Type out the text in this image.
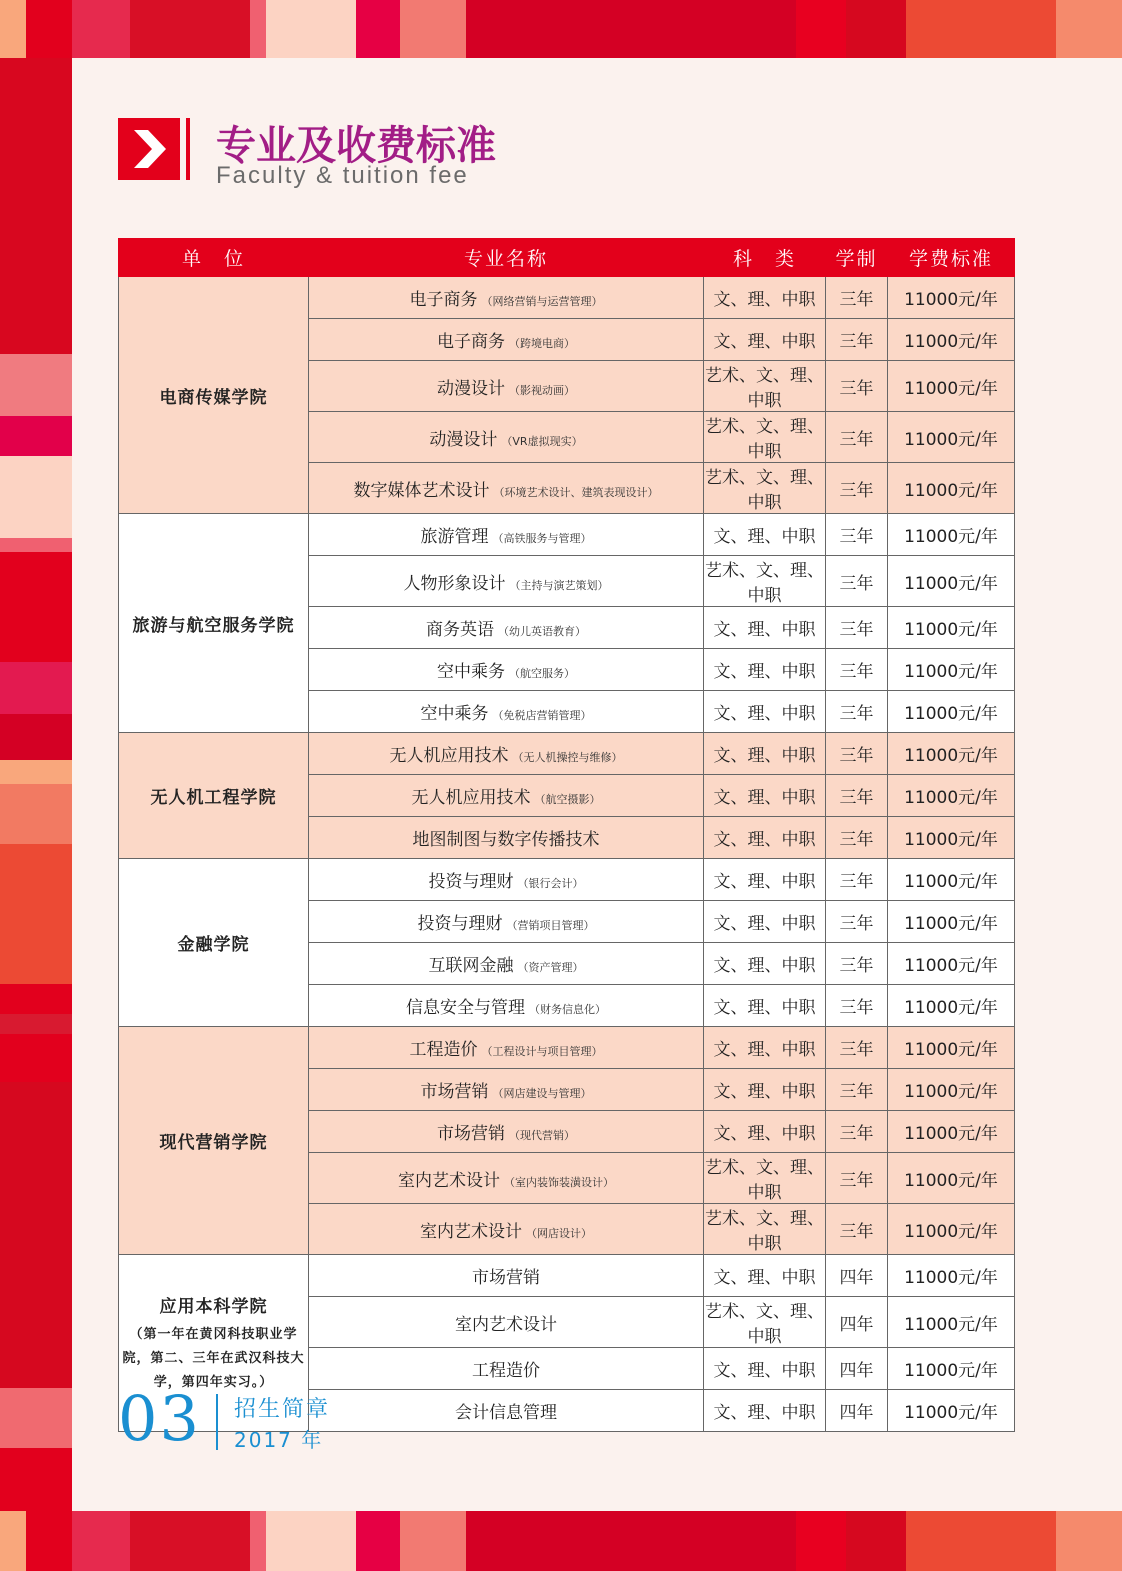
专业及收费标准
Faculty & tuition fee
单　位	专业名称	科　类	学制	学费标准
电商传媒学院	电子商务 （网络营销与运营管理）	文、理、中职	三年	11000元/年
	电子商务 （跨境电商）	文、理、中职	三年	11000元/年
	动漫设计 （影视动画）	艺术、文、理、中职	三年	11000元/年
	动漫设计 （VR虚拟现实）	艺术、文、理、中职	三年	11000元/年
	数字媒体艺术设计 （环境艺术设计、建筑表现设计）	艺术、文、理、中职	三年	11000元/年
旅游与航空服务学院	旅游管理 （高铁服务与管理）	文、理、中职	三年	11000元/年
	人物形象设计 （主持与演艺策划）	艺术、文、理、中职	三年	11000元/年
	商务英语 （幼儿英语教育）	文、理、中职	三年	11000元/年
	空中乘务 （航空服务）	文、理、中职	三年	11000元/年
	空中乘务 （免税店营销管理）	文、理、中职	三年	11000元/年
无人机工程学院	无人机应用技术 （无人机操控与维修）	文、理、中职	三年	11000元/年
	无人机应用技术 （航空摄影）	文、理、中职	三年	11000元/年
	地图制图与数字传播技术	文、理、中职	三年	11000元/年
金融学院	投资与理财 （银行会计）	文、理、中职	三年	11000元/年
	投资与理财 （营销项目管理）	文、理、中职	三年	11000元/年
	互联网金融 （资产管理）	文、理、中职	三年	11000元/年
	信息安全与管理 （财务信息化）	文、理、中职	三年	11000元/年
现代营销学院	工程造价 （工程设计与项目管理）	文、理、中职	三年	11000元/年
	市场营销 （网店建设与管理）	文、理、中职	三年	11000元/年
	市场营销 （现代营销）	文、理、中职	三年	11000元/年
	室内艺术设计 （室内装饰装潢设计）	艺术、文、理、中职	三年	11000元/年
	室内艺术设计 （网店设计）	艺术、文、理、中职	三年	11000元/年
应用本科学院
（第一年在黄冈科技职业学院，第二、三年在武汉科技大学，第四年实习。）	市场营销	文、理、中职	四年	11000元/年
	室内艺术设计	艺术、文、理、中职	四年	11000元/年
	工程造价	文、理、中职	四年	11000元/年
	会计信息管理	文、理、中职	四年	11000元/年
03 招生简章
2017 年
